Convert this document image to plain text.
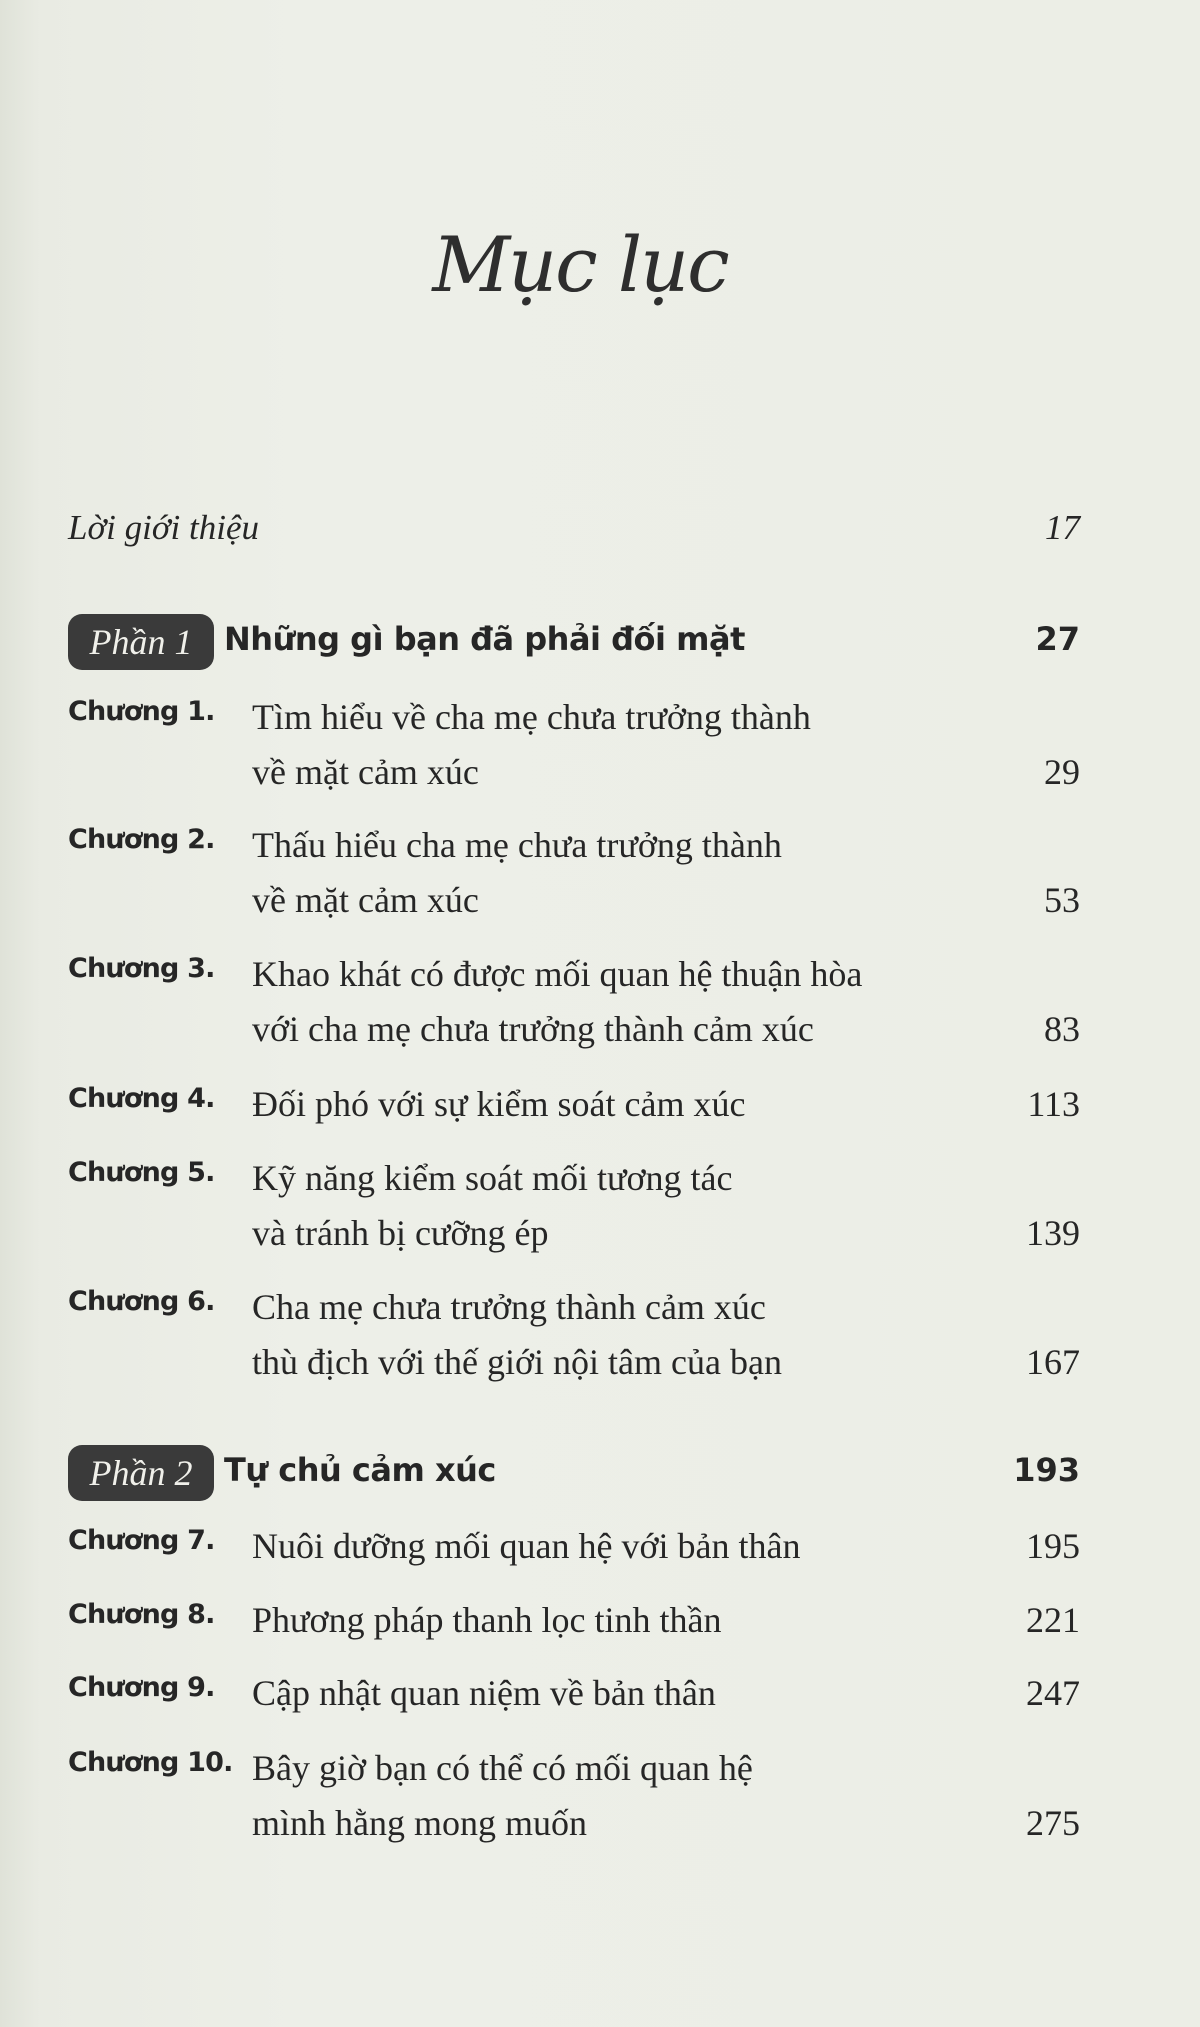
Mục lục
Lời giới thiệu	17
Phần 1 Những gì bạn đã phải đối mặt	27
Chương 1. Tìm hiểu về cha mẹ chưa trưởng thành
về mặt cảm xúc	29
Chương 2. Thấu hiểu cha mẹ chưa trưởng thành
về mặt cảm xúc	53
Chương 3. Khao khát có được mối quan hệ thuận hòa
với cha mẹ chưa trưởng thành cảm xúc	83
Chương 4. Đối phó với sự kiểm soát cảm xúc	113
Chương 5. Kỹ năng kiểm soát mối tương tác
và tránh bị cưỡng ép	139
Chương 6. Cha mẹ chưa trưởng thành cảm xúc
thù địch với thế giới nội tâm của bạn	167
Phần 2 Tự chủ cảm xúc	193
Chương 7. Nuôi dưỡng mối quan hệ với bản thân	195
Chương 8. Phương pháp thanh lọc tinh thần	221
Chương 9. Cập nhật quan niệm về bản thân	247
Chương 10. Bây giờ bạn có thể có mối quan hệ
mình hằng mong muốn	275
